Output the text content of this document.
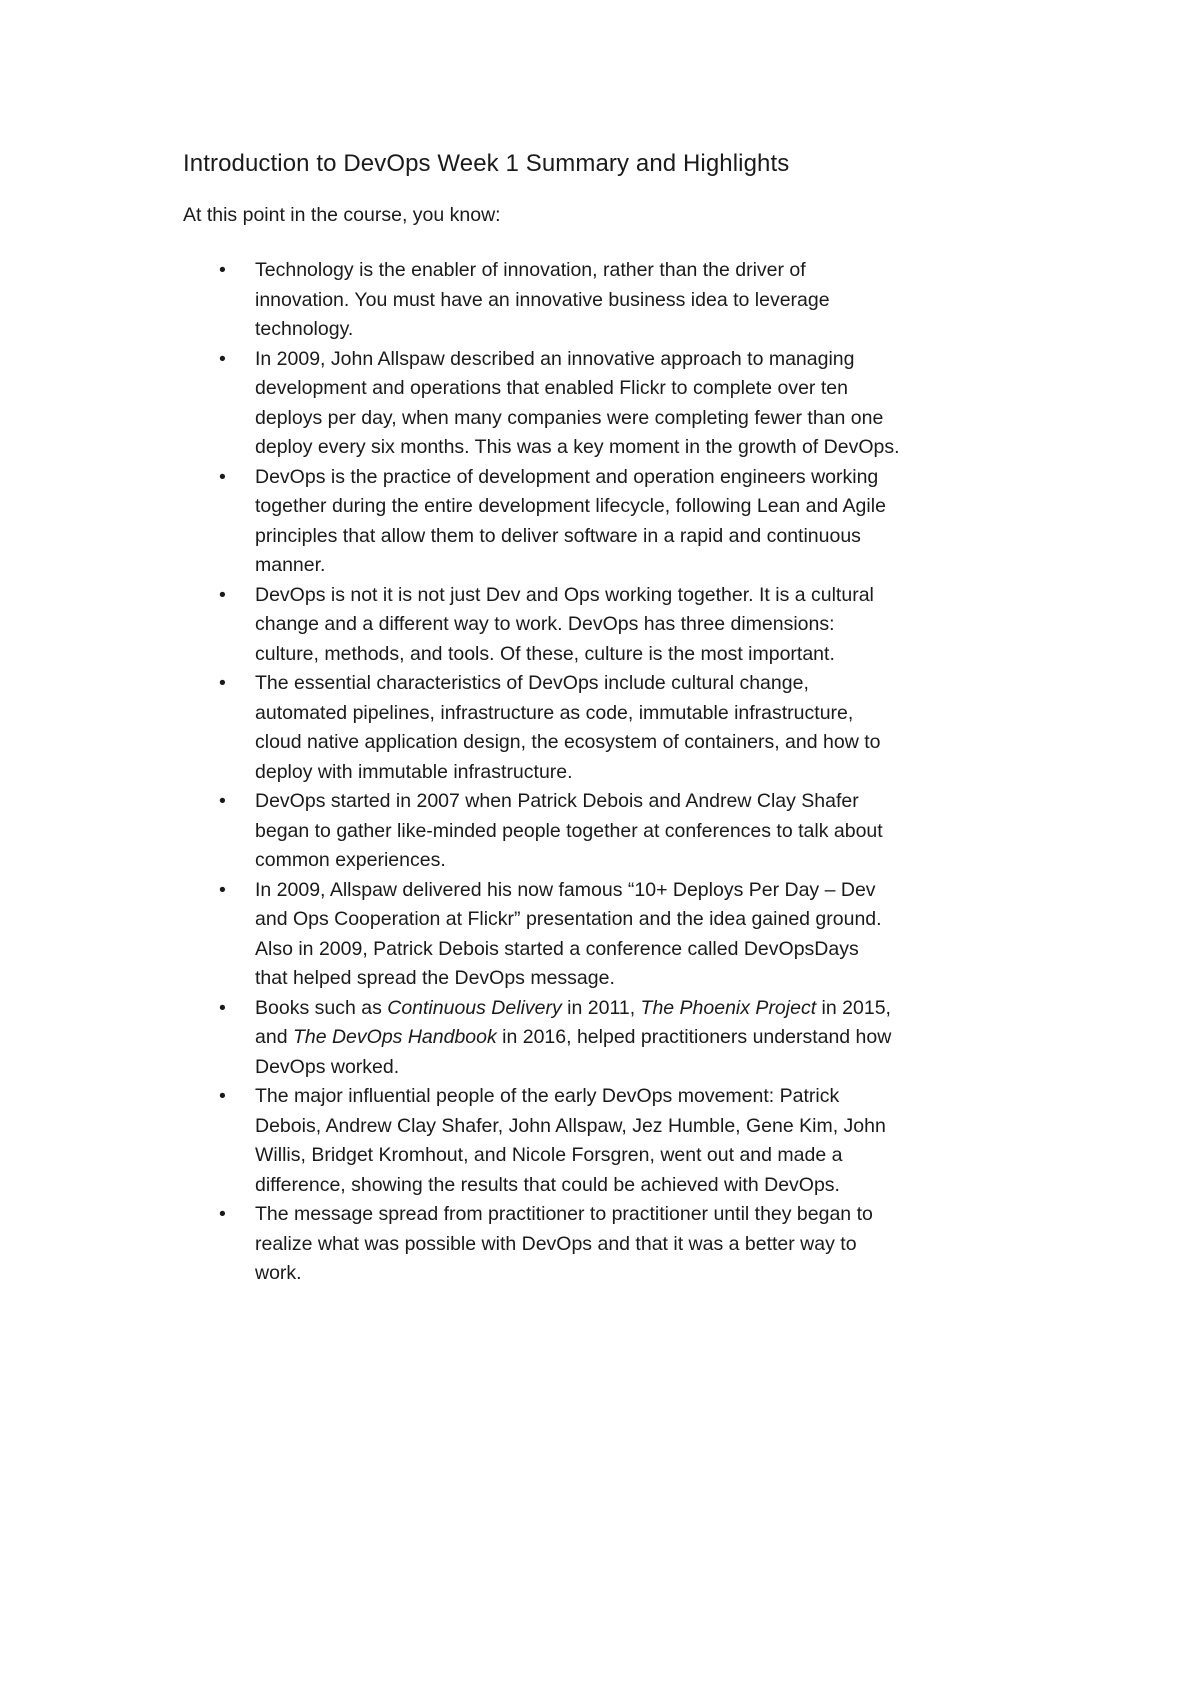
Introduction to DevOps Week 1 Summary and Highlights

At this point in the course, you know:

• Technology is the enabler of innovation, rather than the driver of
innovation. You must have an innovative business idea to leverage
technology.
• In 2009, John Allspaw described an innovative approach to managing
development and operations that enabled Flickr to complete over ten
deploys per day, when many companies were completing fewer than one
deploy every six months. This was a key moment in the growth of DevOps.
• DevOps is the practice of development and operation engineers working
together during the entire development lifecycle, following Lean and Agile
principles that allow them to deliver software in a rapid and continuous
manner.
• DevOps is not it is not just Dev and Ops working together. It is a cultural
change and a different way to work. DevOps has three dimensions:
culture, methods, and tools. Of these, culture is the most important.
• The essential characteristics of DevOps include cultural change,
automated pipelines, infrastructure as code, immutable infrastructure,
cloud native application design, the ecosystem of containers, and how to
deploy with immutable infrastructure.
• DevOps started in 2007 when Patrick Debois and Andrew Clay Shafer
began to gather like-minded people together at conferences to talk about
common experiences.
• In 2009, Allspaw delivered his now famous “10+ Deploys Per Day – Dev
and Ops Cooperation at Flickr” presentation and the idea gained ground.
Also in 2009, Patrick Debois started a conference called DevOpsDays
that helped spread the DevOps message.
• Books such as Continuous Delivery in 2011, The Phoenix Project in 2015,
and The DevOps Handbook in 2016, helped practitioners understand how
DevOps worked.
• The major influential people of the early DevOps movement: Patrick
Debois, Andrew Clay Shafer, John Allspaw, Jez Humble, Gene Kim, John
Willis, Bridget Kromhout, and Nicole Forsgren, went out and made a
difference, showing the results that could be achieved with DevOps.
• The message spread from practitioner to practitioner until they began to
realize what was possible with DevOps and that it was a better way to
work.
